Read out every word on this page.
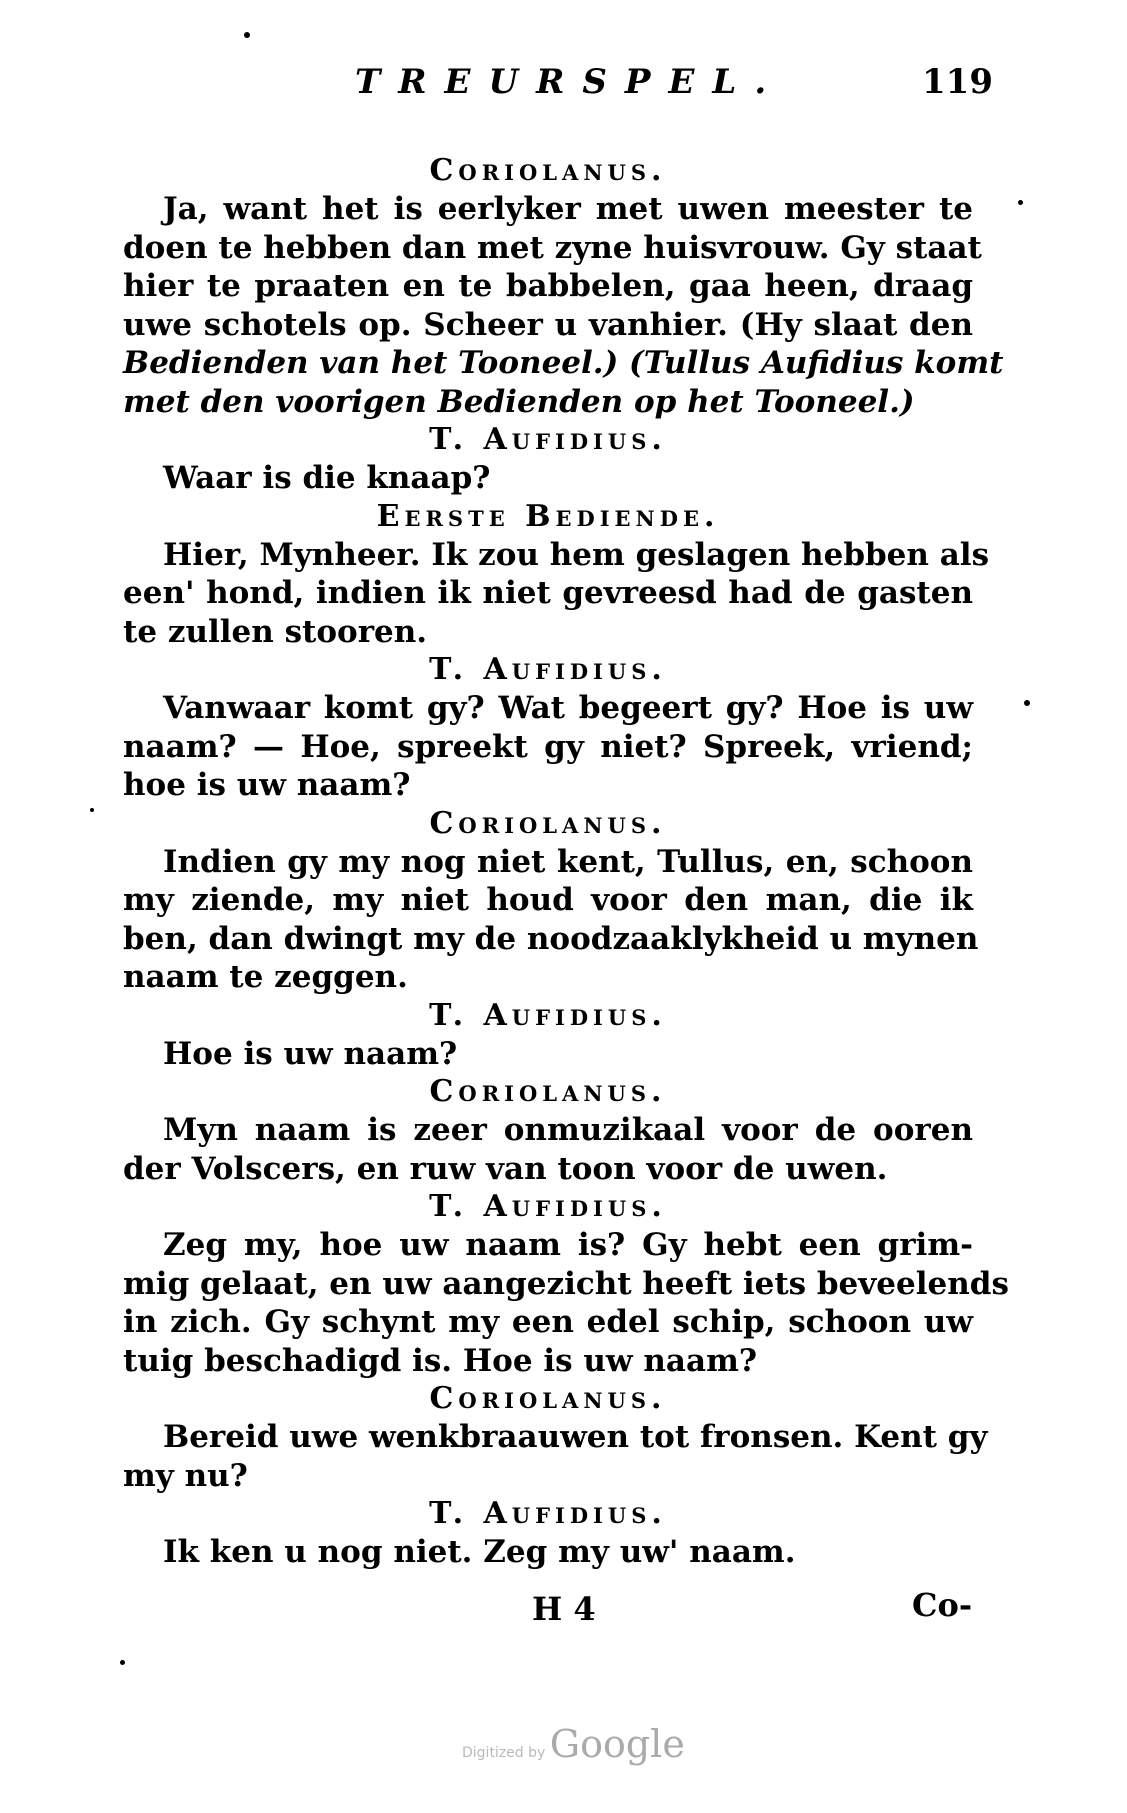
TREURSPEL.	119
Coriolanus.
Ja, want het is eerlyker met uwen meester te
doen te hebben dan met zyne huisvrouw. Gy staat
hier te praaten en te babbelen, gaa heen, draag
uwe schotels op. Scheer u vanhier. (Hy slaat den
Bedienden van het Tooneel.) (Tullus Aufidius komt
met den voorigen Bedienden op het Tooneel.)
T. Aufidius.
Waar is die knaap?
Eerste Bediende.
Hier, Mynheer. Ik zou hem geslagen hebben als
een' hond, indien ik niet gevreesd had de gasten
te zullen stooren.
T. Aufidius.
Vanwaar komt gy? Wat begeert gy? Hoe is uw
naam? — Hoe, spreekt gy niet? Spreek, vriend;
hoe is uw naam?
Coriolanus.
Indien gy my nog niet kent, Tullus, en, schoon
my ziende, my niet houd voor den man, die ik
ben, dan dwingt my de noodzaaklykheid u mynen
naam te zeggen.
T. Aufidius.
Hoe is uw naam?
Coriolanus.
Myn naam is zeer onmuzikaal voor de ooren
der Volscers, en ruw van toon voor de uwen.
T. Aufidius.
Zeg my, hoe uw naam is? Gy hebt een grim-
mig gelaat, en uw aangezicht heeft iets beveelends
in zich. Gy schynt my een edel schip, schoon uw
tuig beschadigd is. Hoe is uw naam?
Coriolanus.
Bereid uwe wenkbraauwen tot fronsen. Kent gy
my nu?
T. Aufidius.
Ik ken u nog niet. Zeg my uw' naam.
H 4	Co-
Digitized by Google
